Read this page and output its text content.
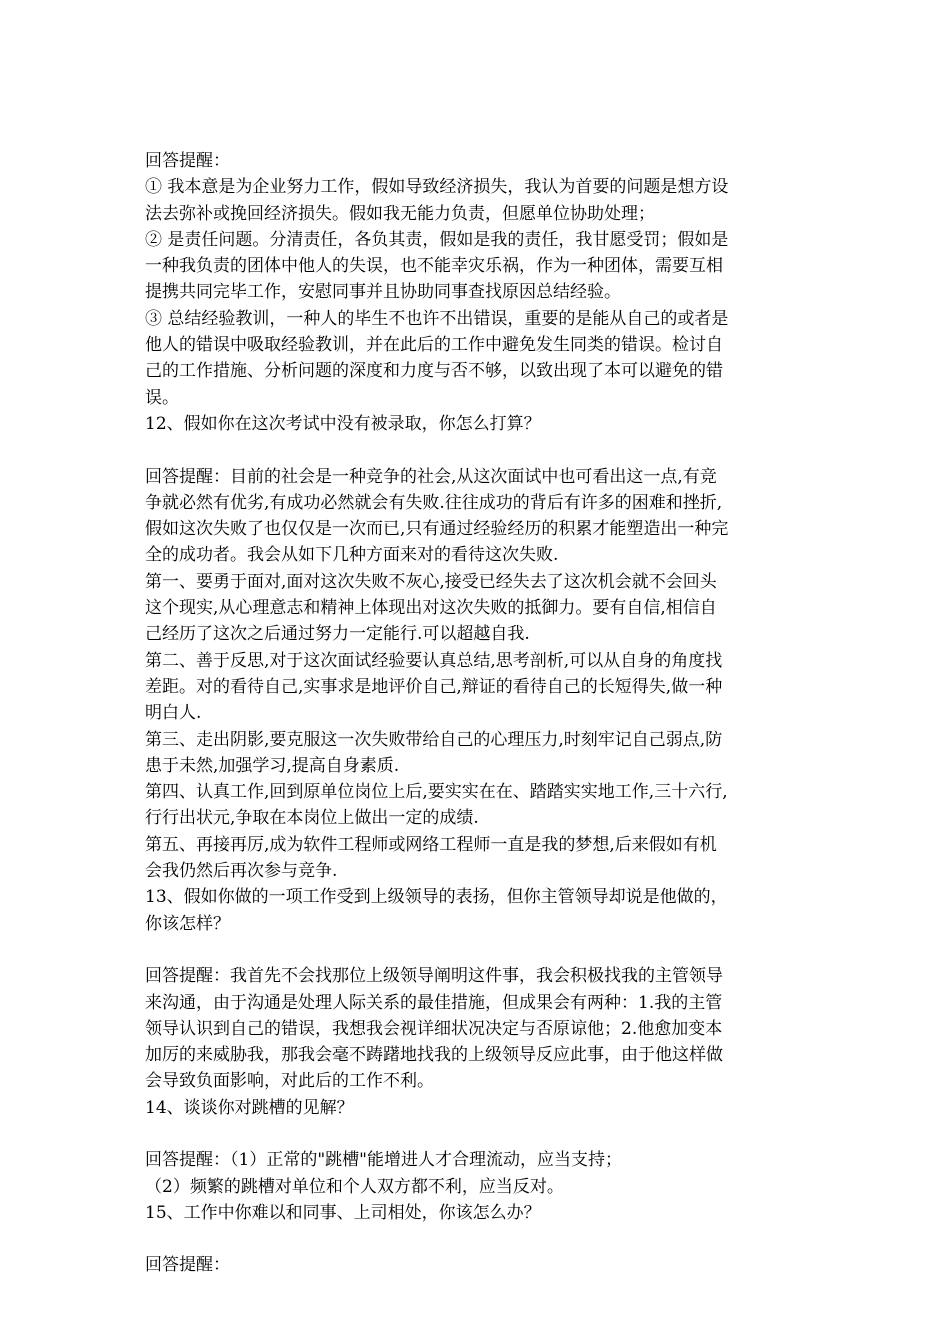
回答提醒：
① 我本意是为企业努力工作，假如导致经济损失，我认为首要的问题是想方设
法去弥补或挽回经济损失。假如我无能力负责，但愿单位协助处理；
② 是责任问题。分清责任，各负其责，假如是我的责任，我甘愿受罚；假如是
一种我负责的团体中他人的失误，也不能幸灾乐祸，作为一种团体，需要互相
提携共同完毕工作，安慰同事并且协助同事查找原因总结经验。
③ 总结经验教训，一种人的毕生不也许不出错误，重要的是能从自己的或者是
他人的错误中吸取经验教训，并在此后的工作中避免发生同类的错误。检讨自
己的工作措施、分析问题的深度和力度与否不够，以致出现了本可以避免的错
误。
12、假如你在这次考试中没有被录取，你怎么打算？
回答提醒：目前的社会是一种竞争的社会,从这次面试中也可看出这一点,有竞
争就必然有优劣,有成功必然就会有失败.往往成功的背后有许多的困难和挫折,
假如这次失败了也仅仅是一次而已,只有通过经验经历的积累才能塑造出一种完
全的成功者。我会从如下几种方面来对的看待这次失败.
第一、要勇于面对,面对这次失败不灰心,接受已经失去了这次机会就不会回头
这个现实,从心理意志和精神上体现出对这次失败的抵御力。要有自信,相信自
己经历了这次之后通过努力一定能行.可以超越自我.
第二、善于反思,对于这次面试经验要认真总结,思考剖析,可以从自身的角度找
差距。对的看待自己,实事求是地评价自己,辩证的看待自己的长短得失,做一种
明白人.
第三、走出阴影,要克服这一次失败带给自己的心理压力,时刻牢记自己弱点,防
患于未然,加强学习,提高自身素质.
第四、认真工作,回到原单位岗位上后,要实实在在、踏踏实实地工作,三十六行,
行行出状元,争取在本岗位上做出一定的成绩.
第五、再接再厉,成为软件工程师或网络工程师一直是我的梦想,后来假如有机
会我仍然后再次参与竞争.
13、假如你做的一项工作受到上级领导的表扬，但你主管领导却说是他做的，
你该怎样？
回答提醒：我首先不会找那位上级领导阐明这件事，我会积极找我的主管领导
来沟通，由于沟通是处理人际关系的最佳措施，但成果会有两种：1.我的主管
领导认识到自己的错误，我想我会视详细状况决定与否原谅他；2.他愈加变本
加厉的来威胁我，那我会毫不踌躇地找我的上级领导反应此事，由于他这样做
会导致负面影响，对此后的工作不利。
14、谈谈你对跳槽的见解？
回答提醒：（1）正常的"跳槽"能增进人才合理流动，应当支持；
（2）频繁的跳槽对单位和个人双方都不利，应当反对。
15、工作中你难以和同事、上司相处，你该怎么办？
回答提醒：
